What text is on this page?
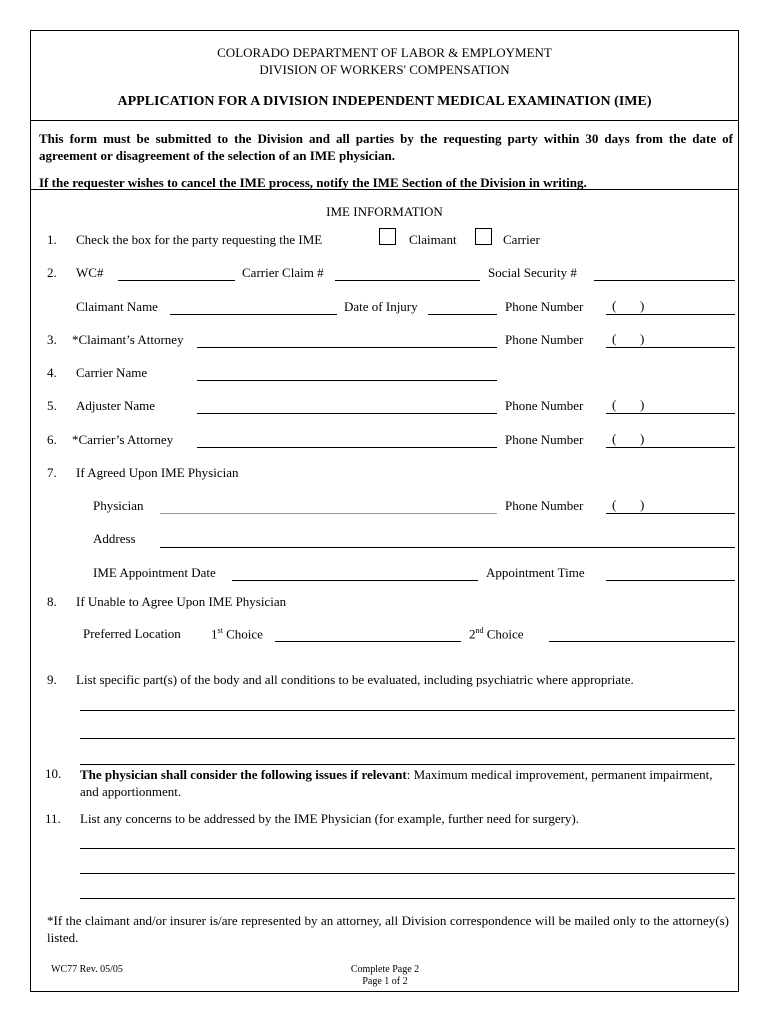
COLORADO DEPARTMENT OF LABOR & EMPLOYMENT
DIVISION OF WORKERS' COMPENSATION
APPLICATION FOR A DIVISION INDEPENDENT MEDICAL EXAMINATION (IME)
This form must be submitted to the Division and all parties by the requesting party within 30 days from the date of agreement or disagreement of the selection of an IME physician.
If the requester wishes to cancel the IME process, notify the IME Section of the Division in writing.
IME INFORMATION
1. Check the box for the party requesting the IME	Claimant	Carrier
2. WC#	Carrier Claim #	Social Security #
Claimant Name	Date of Injury	Phone Number ( )
3. *Claimant’s Attorney	Phone Number ( )
4. Carrier Name
5. Adjuster Name	Phone Number ( )
6. *Carrier’s Attorney	Phone Number ( )
7. If Agreed Upon IME Physician
Physician	Phone Number ( )
Address
IME Appointment Date	Appointment Time
8. If Unable to Agree Upon IME Physician
Preferred Location 1st Choice	2nd Choice
9. List specific part(s) of the body and all conditions to be evaluated, including psychiatric where appropriate.
10. The physician shall consider the following issues if relevant: Maximum medical improvement, permanent impairment, and apportionment.
11. List any concerns to be addressed by the IME Physician (for example, further need for surgery).
*If the claimant and/or insurer is/are represented by an attorney, all Division correspondence will be mailed only to the attorney(s) listed.
WC77 Rev. 05/05	Complete Page 2
Page 1 of 2
